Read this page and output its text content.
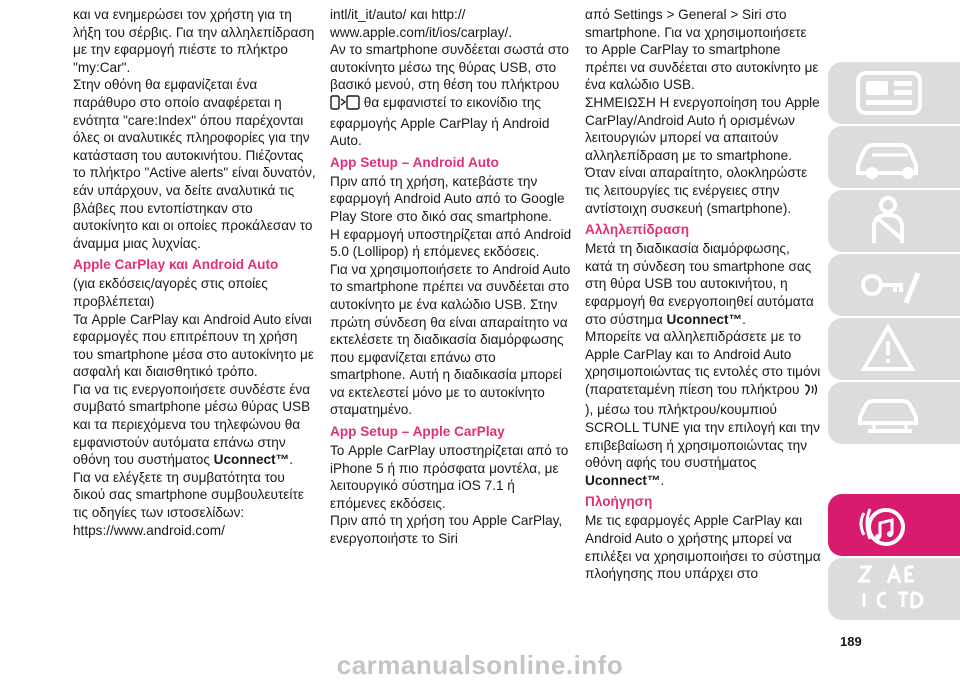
και να ενημερώσει τον χρήστη για τη λήξη του σέρβις. Για την αλληλεπίδραση με την εφαρμογή πιέστε το πλήκτρο "my:Car".

Στην οθόνη θα εμφανίζεται ένα παράθυρο στο οποίο αναφέρεται η ενότητα "care:Index" όπου παρέχονται όλες οι αναλυτικές πληροφορίες για την κατάσταση του αυτοκινήτου. Πιέζοντας το πλήκτρο "Active alerts" είναι δυνατόν, εάν υπάρχουν, να δείτε αναλυτικά τις βλάβες που εντοπίστηκαν στο αυτοκίνητο και οι οποίες προκάλεσαν το άναμμα μιας λυχνίας.

Apple CarPlay και Android Auto

(για εκδόσεις/αγορές στις οποίες προβλέπεται)

Τα Apple CarPlay και Android Auto είναι εφαρμογές που επιτρέπουν τη χρήση του smartphone μέσα στο αυτοκίνητο με ασφαλή και διαισθητικό τρόπο.

Για να τις ενεργοποιήσετε συνδέστε ένα συμβατό smartphone μέσω θύρας USB και τα περιεχόμενα του τηλεφώνου θα εμφανιστούν αυτόματα επάνω στην οθόνη του συστήματος Uconnect™.

Για να ελέγξετε τη συμβατότητα του δικού σας smartphone συμβουλευτείτε τις οδηγίες των ιστοσελίδων: https://www.android.com/

intl/it_it/auto/ και http:// www.apple.com/it/ios/carplay/.

Αν το smartphone συνδέεται σωστά στο αυτοκίνητο μέσω της θύρας USB, στο βασικό μενού, στη θέση του πλήκτρου  θα εμφανιστεί το εικονίδιο της εφαρμογής Apple CarPlay ή Android Auto.

App Setup – Android Auto

Πριν από τη χρήση, κατεβάστε την εφαρμογή Android Auto από το Google Play Store στο δικό σας smartphone.

Η εφαρμογή υποστηρίζεται από Android 5.0 (Lollipop) ή επόμενες εκδόσεις.

Για να χρησιμοποιήσετε το Android Auto το smartphone πρέπει να συνδέεται στο αυτοκίνητο με ένα καλώδιο USB. Στην πρώτη σύνδεση θα είναι απαραίτητο να εκτελέσετε τη διαδικασία διαμόρφωσης που εμφανίζεται επάνω στο smartphone. Αυτή η διαδικασία μπορεί να εκτελεστεί μόνο με το αυτοκίνητο σταματημένο.

App Setup – Apple CarPlay

Το Apple CarPlay υποστηρίζεται από το iPhone 5 ή πιο πρόσφατα μοντέλα, με λειτουργικό σύστημα iOS 7.1 ή επόμενες εκδόσεις.

Πριν από τη χρήση του Apple CarPlay, ενεργοποιήστε το Siri

από Settings > General > Siri στο smartphone. Για να χρησιμοποιήσετε το Apple CarPlay το smartphone πρέπει να συνδέεται στο αυτοκίνητο με ένα καλώδιο USB.

ΣΗΜΕΙΩΣΗ Η ενεργοποίηση του Apple CarPlay/Android Auto ή ορισμένων λειτουργιών μπορεί να απαιτούν αλληλεπίδραση με το smartphone. Όταν είναι απαραίτητο, ολοκληρώστε τις λειτουργίες τις ενέργειες στην αντίστοιχη συσκευή (smartphone).

Αλληλεπίδραση

Μετά τη διαδικασία διαμόρφωσης, κατά τη σύνδεση του smartphone σας στη θύρα USB του αυτοκινήτου, η εφαρμογή θα ενεργοποιηθεί αυτόματα στο σύστημα Uconnect™.

Μπορείτε να αλληλεπιδράσετε με το Apple CarPlay και το Android Auto χρησιμοποιώντας τις εντολές στο τιμόνι (παρατεταμένη πίεση του πλήκτρου ), μέσω του πλήκτρου/κουμπιού SCROLL TUNE για την επιλογή και την επιβεβαίωση ή χρησιμοποιώντας την οθόνη αφής του συστήματος Uconnect™.

Πλοήγηση

Με τις εφαρμογές Apple CarPlay και Android Auto ο χρήστης μπορεί να επιλέξει να χρησιμοποιήσει το σύστημα πλοήγησης που υπάρχει στο

189
carmanualsonline.info
